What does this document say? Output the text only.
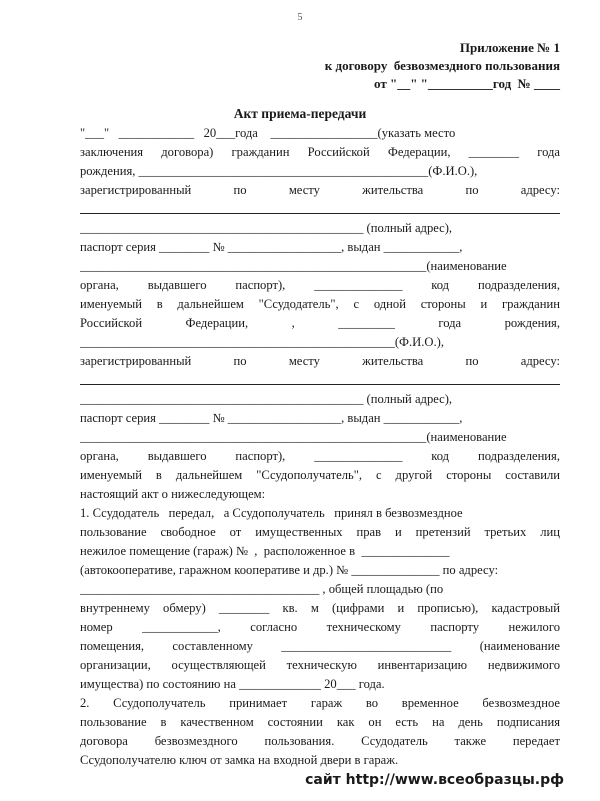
5
Приложение № 1
к договору  безвозмездного пользования
от "__" "__________год  № ____
Акт приема-передачи
"___"   ____________   20___года    _________________(указать место
заключения договора) гражданин Российской Федерации, ________ года
рождения, ______________________________________________(Ф.И.О.),
зарегистрированный   по   месту   жительства   по   адресу:
_____________________________________________ (полный адрес),
паспорт серия ________ № __________________, выдан ____________,
_______________________________________________________(наименование
органа, выдавшего паспорт), ______________ код подразделения,
именуемый в дальнейшем "Ссудодатель", с одной стороны и гражданин
Российской   Федерации,   ,   _________   года   рождения,
__________________________________________________(Ф.И.О.),
зарегистрированный   по   месту   жительства   по   адресу:
_____________________________________________ (полный адрес),
паспорт серия ________ № __________________, выдан ____________,
_______________________________________________________(наименование
органа, выдавшего паспорт), ______________ код подразделения,
именуемый в дальнейшем "Ссудополучатель", с другой стороны составили
настоящий акт о нижеследующем:
1. Ссудодатель   передал,   а Ссудополучатель   принял в безвозмездное
пользование свободное от имущественных прав и претензий третьих лиц
нежилое помещение (гараж) №  ,  расположенное в  ______________
(автокооперативе, гаражном кооперативе и др.) № ______________ по адресу:
______________________________________ , общей площадью (по
внутреннему обмеру) ________ кв. м (цифрами и прописью), кадастровый
номер ____________, согласно техническому паспорту нежилого
помещения, составленному ___________________________ (наименование
организации, осуществляющей техническую инвентаризацию недвижимого
имущества) по состоянию на _____________ 20___ года.
2.   Ссудополучатель   принимает   гараж   во   временное   безвозмездное
пользование в качественном состоянии как он есть на день подписания
договора безвозмездного пользования. Ссудодатель также передает
Ссудополучателю ключ от замка на входной двери в гараж.
сайт http://www.всеобразцы.рф
